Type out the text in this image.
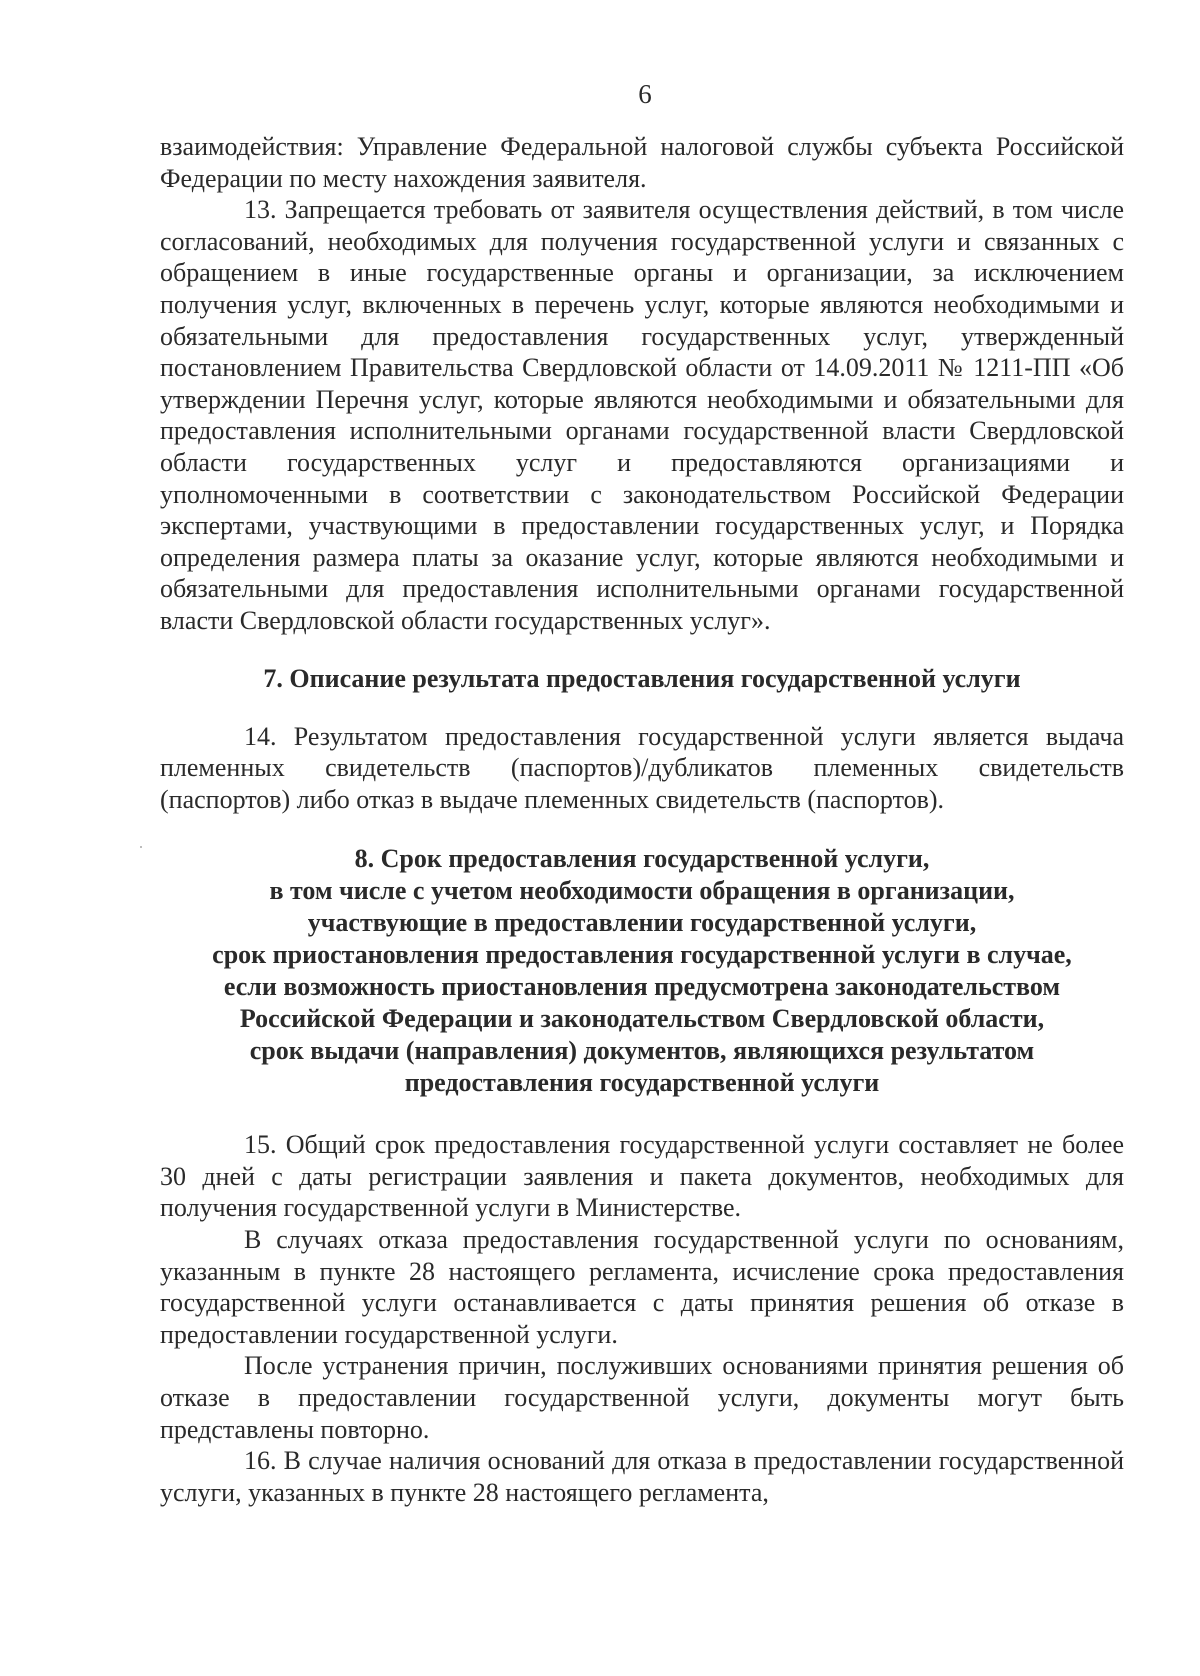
6

взаимодействия: Управление Федеральной налоговой службы субъекта Российской Федерации по месту нахождения заявителя.

13. Запрещается требовать от заявителя осуществления действий, в том числе согласований, необходимых для получения государственной услуги и связанных с обращением в иные государственные органы и организации, за исключением получения услуг, включенных в перечень услуг, которые являются необходимыми и обязательными для предоставления государственных услуг, утвержденный постановлением Правительства Свердловской области от 14.09.2011 № 1211-ПП «Об утверждении Перечня услуг, которые являются необходимыми и обязательными для предоставления исполнительными органами государственной власти Свердловской области государственных услуг и предоставляются организациями и уполномоченными в соответствии с законодательством Российской Федерации экспертами, участвующими в предоставлении государственных услуг, и Порядка определения размера платы за оказание услуг, которые являются необходимыми и обязательными для предоставления исполнительными органами государственной власти Свердловской области государственных услуг».

7. Описание результата предоставления государственной услуги

14. Результатом предоставления государственной услуги является выдача племенных свидетельств (паспортов)/дубликатов племенных свидетельств (паспортов) либо отказ в выдаче племенных свидетельств (паспортов).

8. Срок предоставления государственной услуги,
в том числе с учетом необходимости обращения в организации,
участвующие в предоставлении государственной услуги,
срок приостановления предоставления государственной услуги в случае,
если возможность приостановления предусмотрена законодательством
Российской Федерации и законодательством Свердловской области,
срок выдачи (направления) документов, являющихся результатом
предоставления государственной услуги

15. Общий срок предоставления государственной услуги составляет не более 30 дней с даты регистрации заявления и пакета документов, необходимых для получения государственной услуги в Министерстве.

В случаях отказа предоставления государственной услуги по основаниям, указанным в пункте 28 настоящего регламента, исчисление срока предоставления государственной услуги останавливается с даты принятия решения об отказе в предоставлении государственной услуги.

После устранения причин, послуживших основаниями принятия решения об отказе в предоставлении государственной услуги, документы могут быть представлены повторно.

16. В случае наличия оснований для отказа в предоставлении государственной услуги, указанных в пункте 28 настоящего регламента,
